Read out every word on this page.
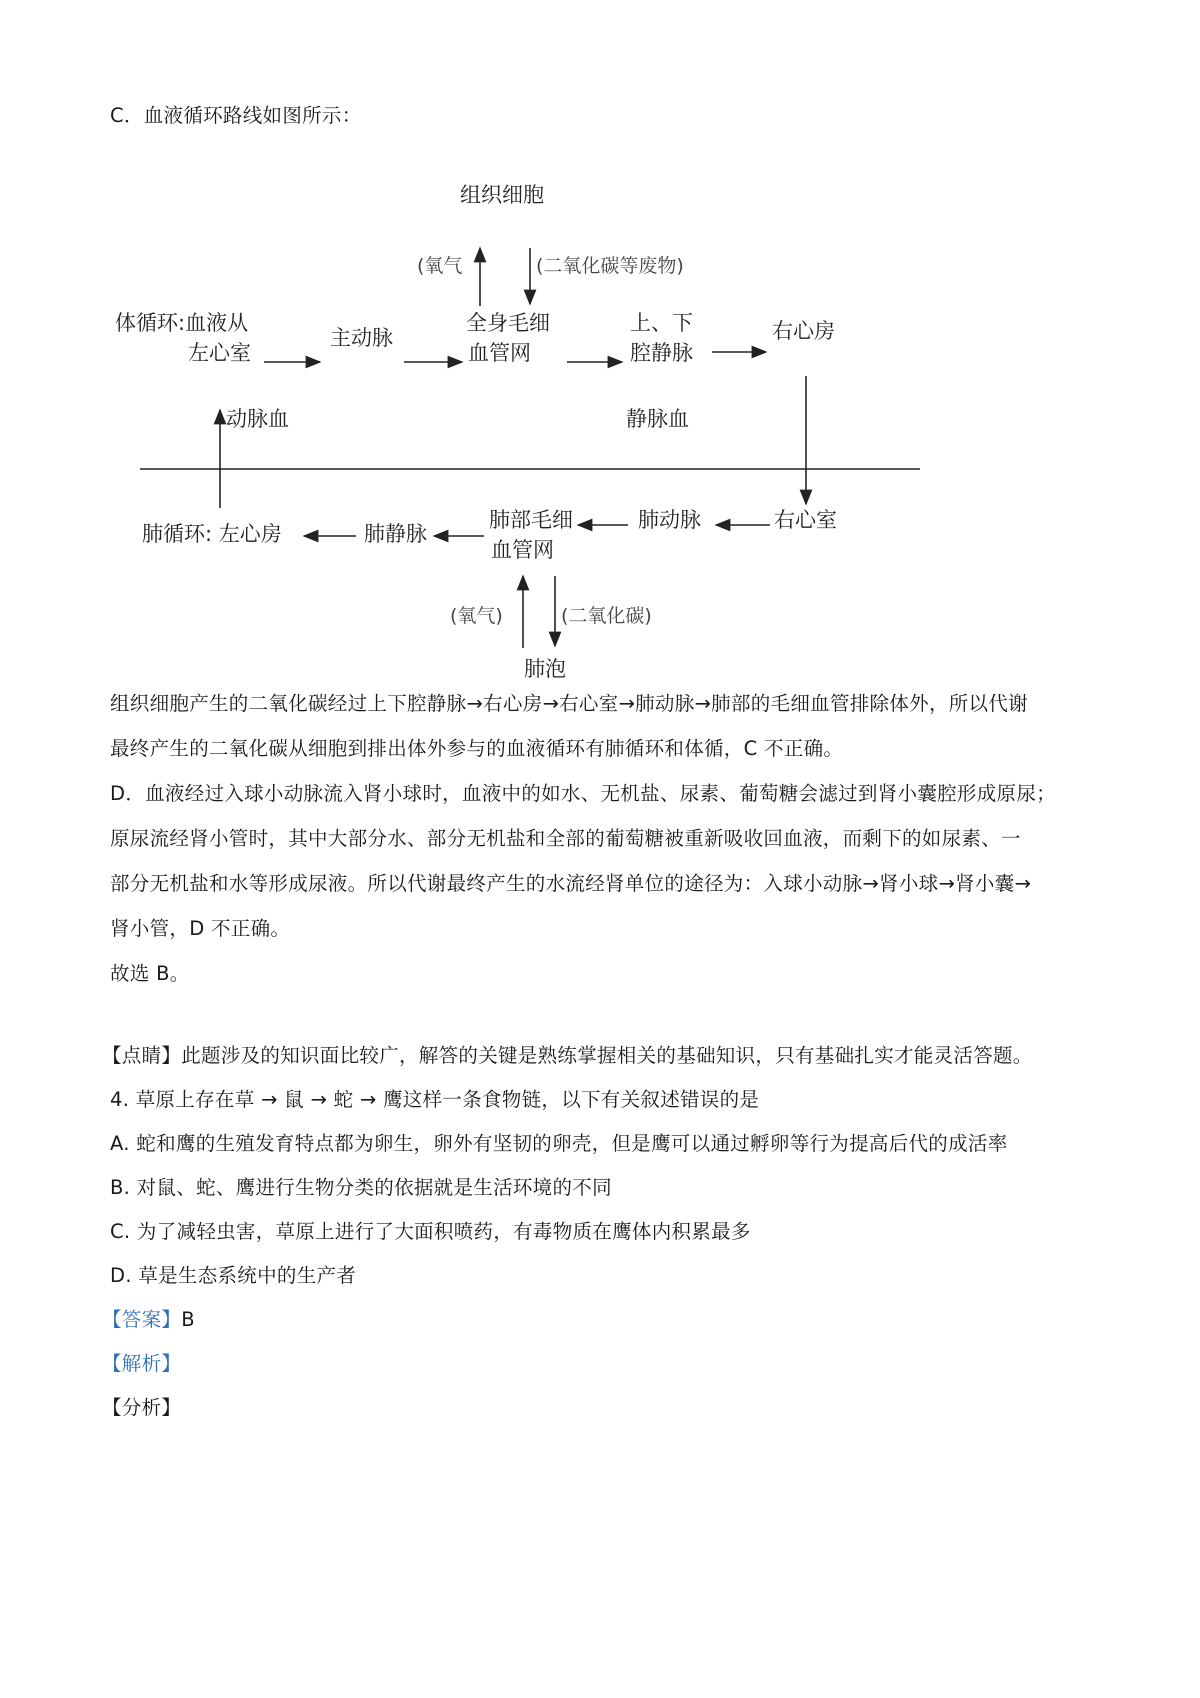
C．血液循环路线如图所示：
组织细胞产生的二氧化碳经过上下腔静脉→右心房→右心室→肺动脉→肺部的毛细血管排除体外，所以代谢
最终产生的二氧化碳从细胞到排出体外参与的血液循环有肺循环和体循，C 不正确。
D．血液经过入球小动脉流入肾小球时，血液中的如水、无机盐、尿素、葡萄糖会滤过到肾小囊腔形成原尿；
原尿流经肾小管时，其中大部分水、部分无机盐和全部的葡萄糖被重新吸收回血液，而剩下的如尿素、一
部分无机盐和水等形成尿液。所以代谢最终产生的水流经肾单位的途径为：入球小动脉→肾小球→肾小囊→
肾小管，D 不正确。
故选 B。
【点睛】此题涉及的知识面比较广，解答的关键是熟练掌握相关的基础知识，只有基础扎实才能灵活答题。
4. 草原上存在草 → 鼠 → 蛇 → 鹰这样一条食物链，以下有关叙述错误的是
A. 蛇和鹰的生殖发育特点都为卵生，卵外有坚韧的卵壳，但是鹰可以通过孵卵等行为提高后代的成活率
B. 对鼠、蛇、鹰进行生物分类的依据就是生活环境的不同
C. 为了减轻虫害，草原上进行了大面积喷药，有毒物质在鹰体内积累最多
D. 草是生态系统中的生产者
【答案】B
【解析】
【分析】
组织细胞
(氧气	(二氧化碳等废物)
体循环:血液从
左心室
主动脉
全身毛细
血管网
上、下
腔静脉
右心房
动脉血	静脉血
右心室
肺动脉
肺部毛细
血管网
肺静脉
肺循环: 左心房
(氧气)	(二氧化碳)
肺泡
